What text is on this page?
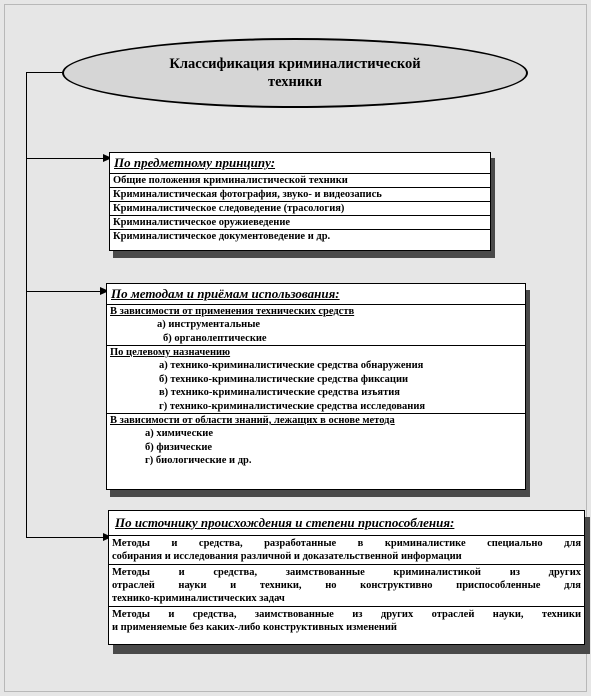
Классификация криминалистической
техники
По предметному принципу:
Общие положения криминалистической техники
Криминалистическая фотография, звуко- и видеозапись
Криминалистическое следоведение (трасология)
Криминалистическое оружиеведение
Криминалистическое документоведение и др.
По методам и приёмам использования:
В зависимости от применения технических средств
а) инструментальные
б) органолептические
По целевому назначению
а) технико-криминалистические средства обнаружения
б) технико-криминалистические средства фиксации
в) технико-криминалистические средства изъятия
г) технико-криминалистические средства исследования
В зависимости от области знаний, лежащих в основе метода
а) химические
б) физические
г) биологические и др.
По источнику происхождения и степени приспособления:
Методы и средства, разработанные в криминалистике специально для
собирания и исследования различной и доказательственной информации
Методы и средства, заимствованные криминалистикой из других
отраслей науки и техники, но конструктивно приспособленные для
технико-криминалистических задач
Методы и средства, заимствованные из других отраслей науки, техники
и применяемые без каких-либо конструктивных изменений
